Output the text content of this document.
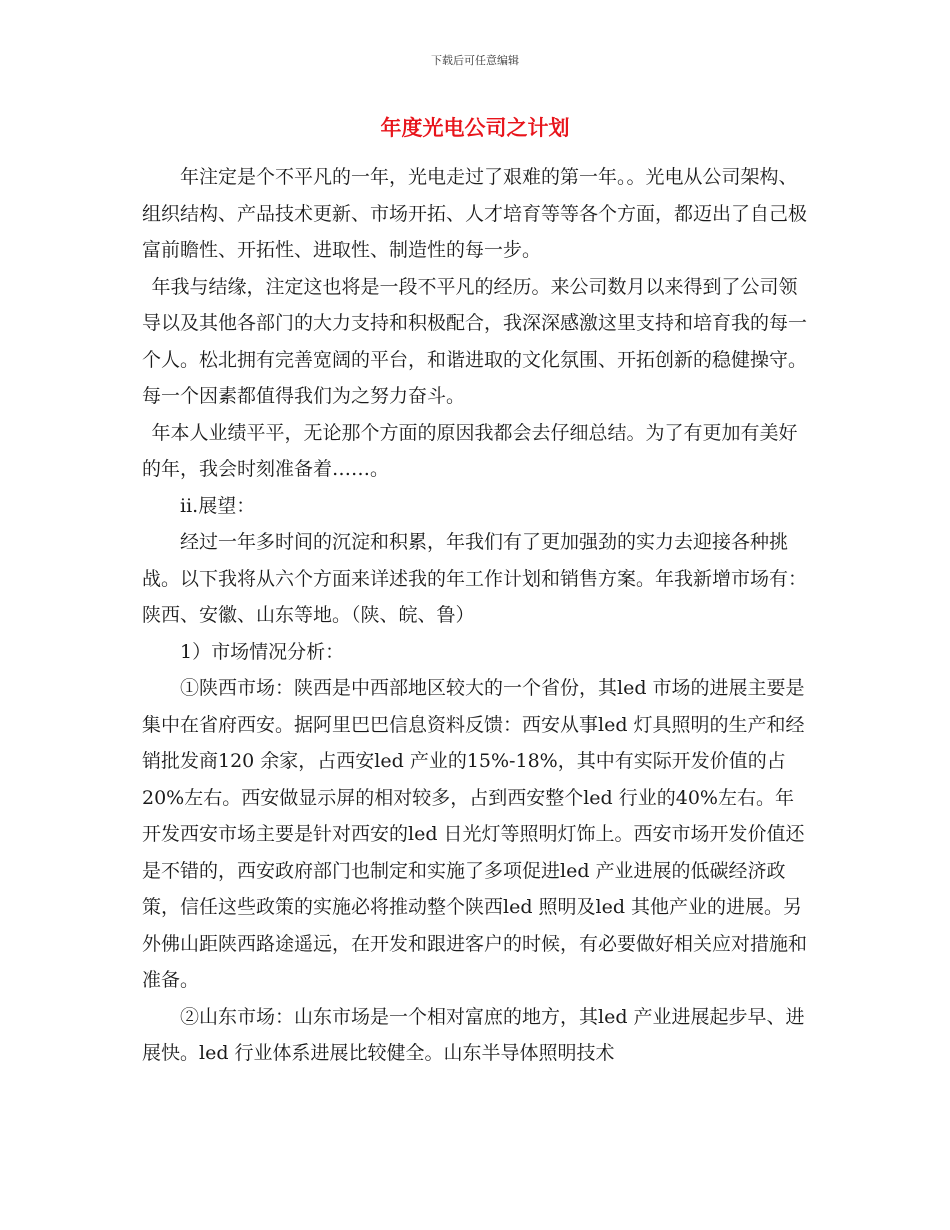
下载后可任意编辑
年度光电公司之计划

年注定是个不平凡的一年，光电走过了艰难的第一年。。光电从公司架构、组织结构、产品技术更新、市场开拓、人才培育等等各个方面，都迈出了自己极富前瞻性、开拓性、进取性、制造性的每一步。

年我与结缘，注定这也将是一段不平凡的经历。来公司数月以来得到了公司领导以及其他各部门的大力支持和积极配合，我深深感激这里支持和培育我的每一个人。松北拥有完善宽阔的平台，和谐进取的文化氛围、开拓创新的稳健操守。每一个因素都值得我们为之努力奋斗。

年本人业绩平平，无论那个方面的原因我都会去仔细总结。为了有更加有美好的年，我会时刻准备着……。

ⅱ.展望：

经过一年多时间的沉淀和积累，年我们有了更加强劲的实力去迎接各种挑战。以下我将从六个方面来详述我的年工作计划和销售方案。年我新增市场有：陕西、安徽、山东等地。（陕、皖、鲁）

1）市场情况分析：

①陕西市场：陕西是中西部地区较大的一个省份，其led 市场的进展主要是集中在省府西安。据阿里巴巴信息资料反馈：西安从事led 灯具照明的生产和经销批发商120 余家，占西安led 产业的15%-18%，其中有实际开发价值的占20%左右。西安做显示屏的相对较多，占到西安整个led 行业的40%左右。年开发西安市场主要是针对西安的led 日光灯等照明灯饰上。西安市场开发价值还是不错的，西安政府部门也制定和实施了多项促进led 产业进展的低碳经济政策，信任这些政策的实施必将推动整个陕西led 照明及led 其他产业的进展。另外佛山距陕西路途遥远，在开发和跟进客户的时候，有必要做好相关应对措施和准备。

②山东市场：山东市场是一个相对富庶的地方，其led 产业进展起步早、进展快。led 行业体系进展比较健全。山东半导体照明技术
